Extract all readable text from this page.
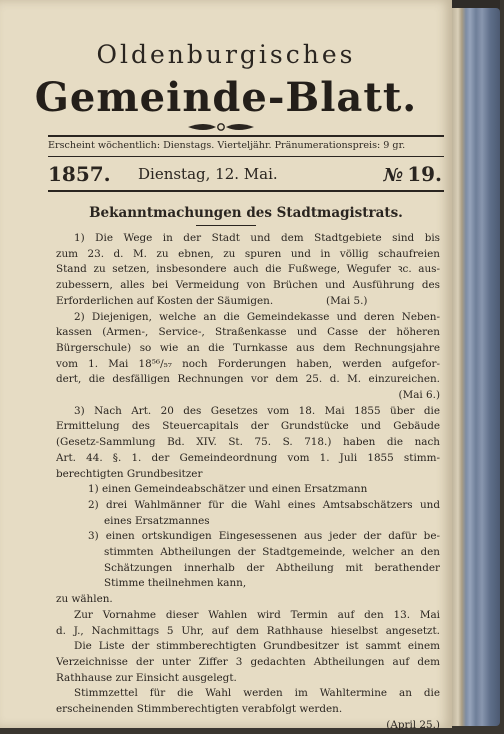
Oldenburgisches
Gemeinde-Blatt.
Erscheint wöchentlich: Dienstags. Vierteljähr. Pränumerationspreis: 9 gr.
1857. Dienstag, 12. Mai.	№ 19.
Bekanntmachungen des Stadtmagistrats.
1) Die Wege in der Stadt und dem Stadtgebiete sind bis
zum 23. d. M. zu ebnen, zu spuren und in völlig schaufreien
Stand zu setzen, insbesondere auch die Fußwege, Wegufer ꝛc. aus-
zubessern, alles bei Vermeidung von Brüchen und Ausführung des
Erforderlichen auf Kosten der Säumigen.                (Mai 5.)
2) Diejenigen, welche an die Gemeindekasse und deren Neben-
kassen (Armen-, Service-, Straßenkasse und Casse der höheren
Bürgerschule) so wie an die Turnkasse aus dem Rechnungsjahre
vom 1. Mai 18⁵⁶/₅₇ noch Forderungen haben, werden aufgefor-
dert, die desfälligen Rechnungen vor dem 25. d. M. einzureichen.
(Mai 6.)
3) Nach Art. 20 des Gesetzes vom 18. Mai 1855 über die
Ermittelung des Steuercapitals der Grundstücke und Gebäude
(Gesetz-Sammlung Bd. XIV. St. 75. S. 718.) haben die nach
Art. 44. §. 1. der Gemeindeordnung vom 1. Juli 1855 stimm-
berechtigten Grundbesitzer
1) einen Gemeindeabschätzer und einen Ersatzmann
2) drei Wahlmänner für die Wahl eines Amtsabschätzers und
eines Ersatzmannes
3) einen ortskundigen Eingesessenen aus jeder der dafür be-
stimmten Abtheilungen der Stadtgemeinde, welcher an den
Schätzungen innerhalb der Abtheilung mit berathender
Stimme theilnehmen kann,
zu wählen.
Zur Vornahme dieser Wahlen wird Termin auf den 13. Mai
d. J., Nachmittags 5 Uhr, auf dem Rathhause hieselbst angesetzt.
Die Liste der stimmberechtigten Grundbesitzer ist sammt einem
Verzeichnisse der unter Ziffer 3 gedachten Abtheilungen auf dem
Rathhause zur Einsicht ausgelegt.
Stimmzettel für die Wahl werden im Wahltermine an die
erscheinenden Stimmberechtigten verabfolgt werden.
(April 25.)
